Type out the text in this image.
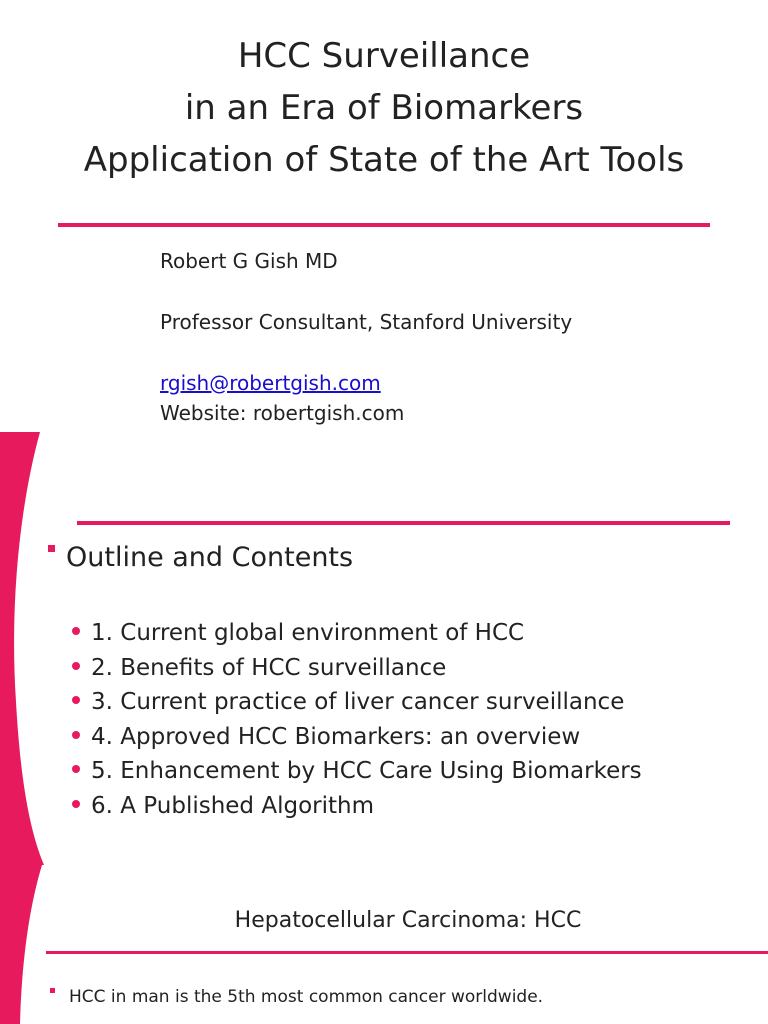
HCC Surveillance
in an Era of Biomarkers
Application of State of the Art Tools
Robert G Gish MD
Professor Consultant, Stanford University
rgish@robertgish.com
Website: robertgish.com
Outline and Contents
1. Current global environment of HCC
2. Benefits of HCC surveillance
3. Current practice of liver cancer surveillance
4. Approved HCC Biomarkers: an overview
5. Enhancement by HCC Care Using Biomarkers
6. A Published Algorithm
Hepatocellular Carcinoma: HCC
HCC in man is the 5th most common cancer worldwide.
